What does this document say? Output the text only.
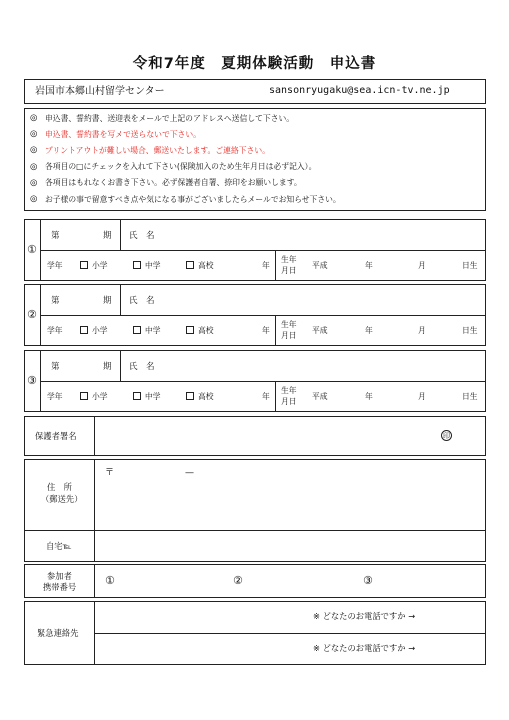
令和7年度　夏期体験活動　申込書
岩国市本郷山村留学センター	sansonryugaku@sea.icn-tv.ne.jp
◎ 申込書、誓約書、送迎表をメールで上記のアドレスへ送信して下さい。
◎ 申込書、誓約書を写メで送らないで下さい。
◎ プリントアウトが難しい場合、郵送いたします。ご連絡下さい。
◎ 各項目の□にチェックを入れて下さい(保険加入のため生年月日は必ず記入）。
◎ 各項目はもれなくお書き下さい。必ず保護者自署、捺印をお願いします。
◎ お子様の事で留意すべき点や気になる事がございましたらメールでお知らせ下さい。
①
第	期 氏　名
学年	小学	中学	高校	年
生年
月日
平成	年	月	日生
②
第	期 氏　名
学年	小学	中学	高校	年
生年
月日
平成	年	月	日生
③
第	期 氏　名
学年	小学	中学	高校	年
生年
月日
平成	年	月	日生
保護者署名	印
住　所
（郵送先）
〒	—
自宅℡
参加者
携帯番号	①	②	③
緊急連絡先
※ どなたのお電話ですか →
※ どなたのお電話ですか →
